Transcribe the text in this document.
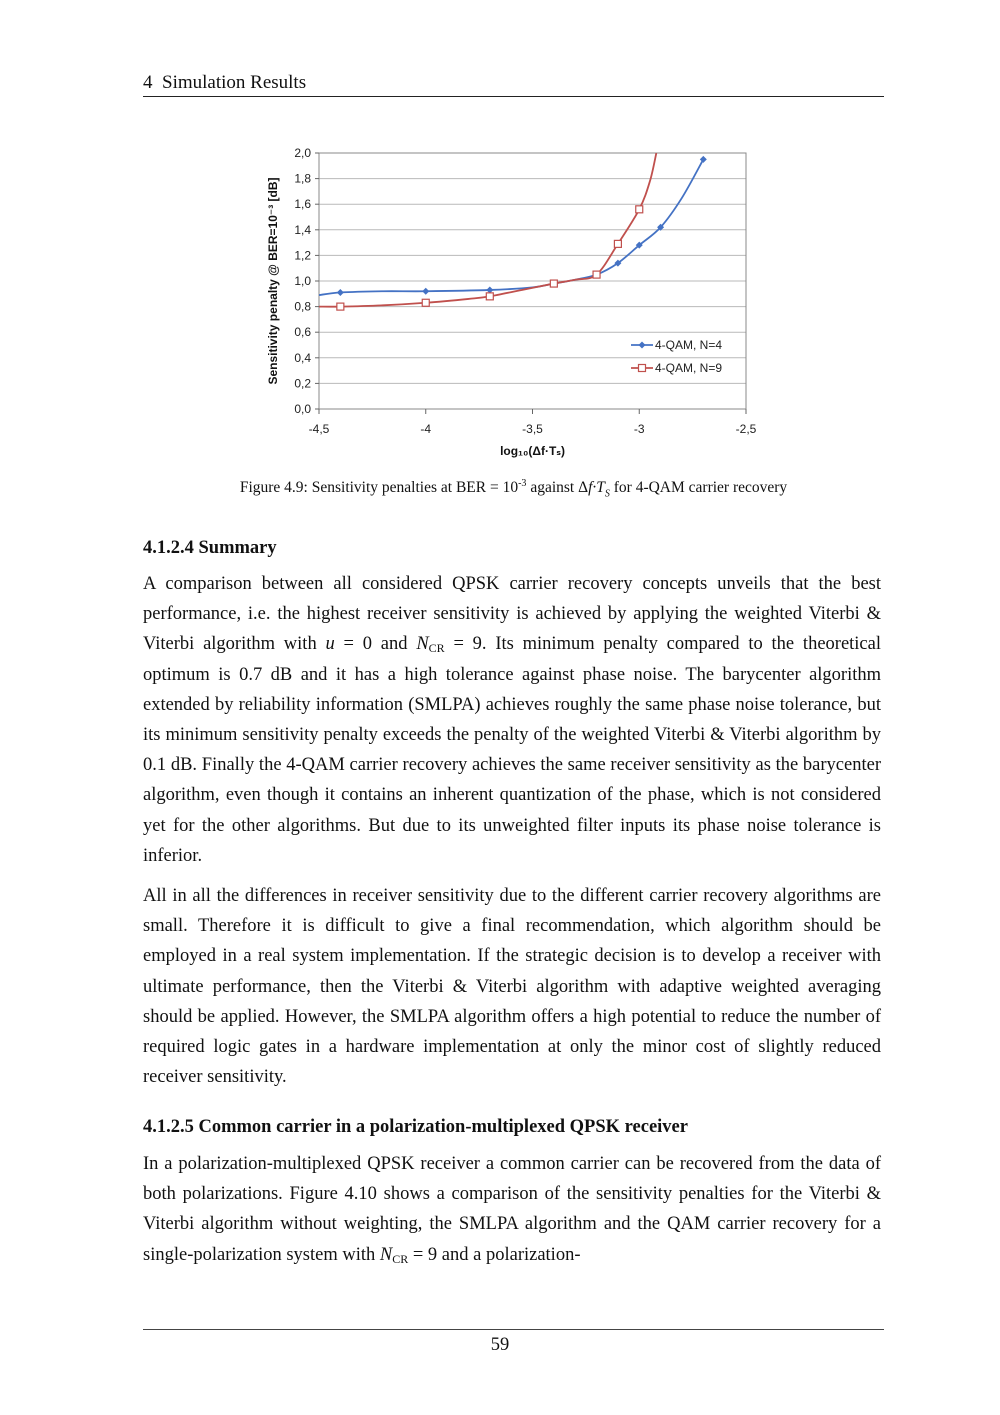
4 Simulation Results
0,0
0,2
0,4
0,6
0,8
1,0
1,2
1,4
1,6
1,8
2,0
-4,5	-4	-3,5	-3	-2,5
Sensitivity penalty @ BER=10⁻³ [dB]
log₁₀(Δf·Tₛ)
4-QAM, N=4
4-QAM, N=9
Figure 4.9: Sensitivity penalties at BER = $10^{-3}$ against $\Delta f\cdot T_S$ for 4-QAM carrier recovery
4.1.2.4 Summary

A comparison between all considered QPSK carrier recovery concepts unveils that the best performance, i.e. the highest receiver sensitivity is achieved by applying the weighted Viterbi & Viterbi algorithm with u = 0 and $N_{CR} = 9$. Its minimum penalty compared to the theoretical optimum is 0.7 dB and it has a high tolerance against phase noise. The barycenter algorithm extended by reliability information (SMLPA) achieves roughly the same phase noise tolerance, but its minimum sensitivity penalty exceeds the penalty of the weighted Viterbi & Viterbi algorithm by 0.1 dB. Finally the 4-QAM carrier recovery achieves the same receiver sensitivity as the barycenter algorithm, even though it contains an inherent quantization of the phase, which is not considered yet for the other algorithms. But due to its unweighted filter inputs its phase noise tolerance is inferior.

All in all the differences in receiver sensitivity due to the different carrier recovery algorithms are small. Therefore it is difficult to give a final recommendation, which algorithm should be employed in a real system implementation. If the strategic decision is to develop a receiver with ultimate performance, then the Viterbi & Viterbi algorithm with adaptive weighted averaging should be applied. However, the SMLPA algorithm offers a high potential to reduce the number of required logic gates in a hardware implementation at only the minor cost of slightly reduced receiver sensitivity.

4.1.2.5 Common carrier in a polarization-multiplexed QPSK receiver

In a polarization-multiplexed QPSK receiver a common carrier can be recovered from the data of both polarizations. Figure 4.10 shows a comparison of the sensitivity penalties for the Viterbi & Viterbi algorithm without weighting, the SMLPA algorithm and the QAM carrier recovery for a single-polarization system with $N_{CR} = 9$ and a polarization-

59
